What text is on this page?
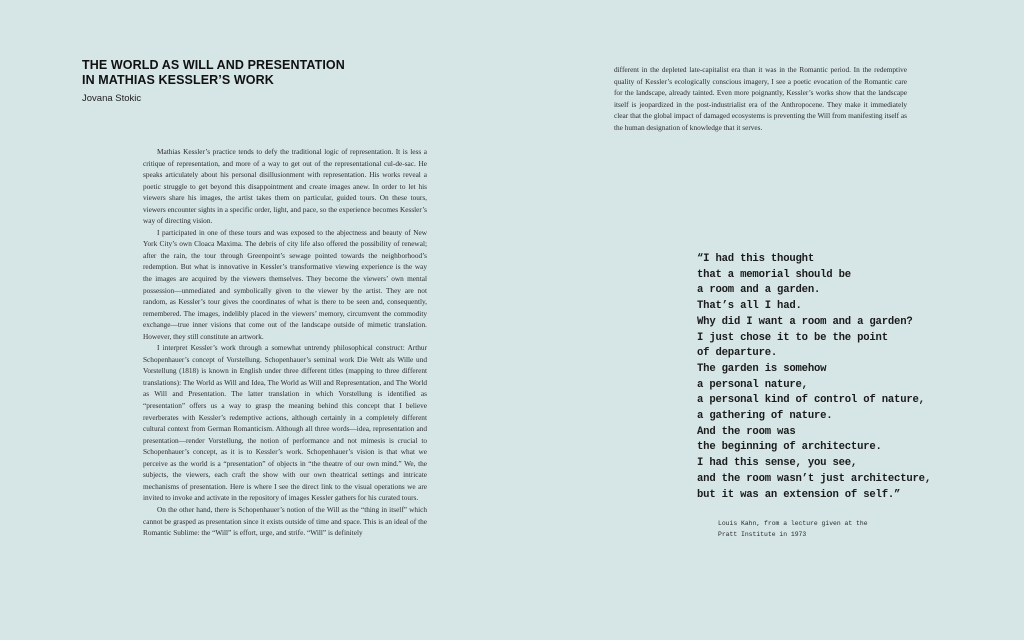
THE WORLD AS WILL AND PRESENTATION
IN MATHIAS KESSLER’S WORK
Jovana Stokic

Mathias Kessler’s practice tends to defy the traditional logic of representation. It is less a critique of representation, and more of a way to get out of the representational cul-de-sac. He speaks articulately about his personal disillusionment with representation. His works reveal a poetic struggle to get beyond this disappointment and create images anew. In order to let his viewers share his images, the artist takes them on particular, guided tours. On these tours, viewers encounter sights in a specific order, light, and pace, so the experience becomes Kessler’s way of directing vision.

I participated in one of these tours and was exposed to the abjectness and beauty of New York City’s own Cloaca Maxima. The debris of city life also offered the possibility of renewal; after the rain, the tour through Greenpoint’s sewage pointed towards the neighborhood’s redemption. But what is innovative in Kessler’s transformative viewing experience is the way the images are acquired by the viewers themselves. They become the viewers’ own mental possession—unmediated and symbolically given to the viewer by the artist. They are not random, as Kessler’s tour gives the coordinates of what is there to be seen and, consequently, remembered. The images, indelibly placed in the viewers’ memory, circumvent the commodity exchange—true inner visions that come out of the landscape outside of mimetic translation. However, they still constitute an artwork.

I interpret Kessler’s work through a somewhat untrendy philosophical construct: Arthur Schopenhauer’s concept of Vorstellung. Schopenhauer’s seminal work Die Welt als Wille und Vorstellung (1818) is known in English under three different titles (mapping to three different translations): The World as Will and Idea, The World as Will and Representation, and The World as Will and Presentation. The latter translation in which Vorstellung is identified as “presentation” offers us a way to grasp the meaning behind this concept that I believe reverberates with Kessler’s redemptive actions, although certainly in a completely different cultural context from German Romanticism. Although all three words—idea, representation and presentation—render Vorstellung, the notion of performance and not mimesis is crucial to Schopenhauer’s concept, as it is to Kessler’s work. Schopenhauer’s vision is that what we perceive as the world is a “presentation” of objects in “the theatre of our own mind.” We, the subjects, the viewers, each craft the show with our own theatrical settings and intricate mechanisms of presentation. Here is where I see the direct link to the visual operations we are invited to invoke and activate in the repository of images Kessler gathers for his curated tours.

On the other hand, there is Schopenhauer’s notion of the Will as the “thing in itself” which cannot be grasped as presentation since it exists outside of time and space. This is an ideal of the Romantic Sublime: the “Will” is effort, urge, and strife. “Will” is definitely

different in the depleted late-capitalist era than it was in the Romantic period. In the redemptive quality of Kessler’s ecologically conscious imagery, I see a poetic evocation of the Romantic care for the landscape, already tainted. Even more poignantly, Kessler’s works show that the landscape itself is jeopardized in the post-industrialist era of the Anthropocene. They make it immediately clear that the global impact of damaged ecosystems is preventing the Will from manifesting itself as the human designation of knowledge that it serves.

“I had this thought
that a memorial should be
a room and a garden.
That’s all I had.
Why did I want a room and a garden?
I just chose it to be the point
of departure.
The garden is somehow
a personal nature,
a personal kind of control of nature,
a gathering of nature.
And the room was
the beginning of architecture.
I had this sense, you see,
and the room wasn’t just architecture,
but it was an extension of self.”
Louis Kahn, from a lecture given at the
Pratt Institute in 1973
